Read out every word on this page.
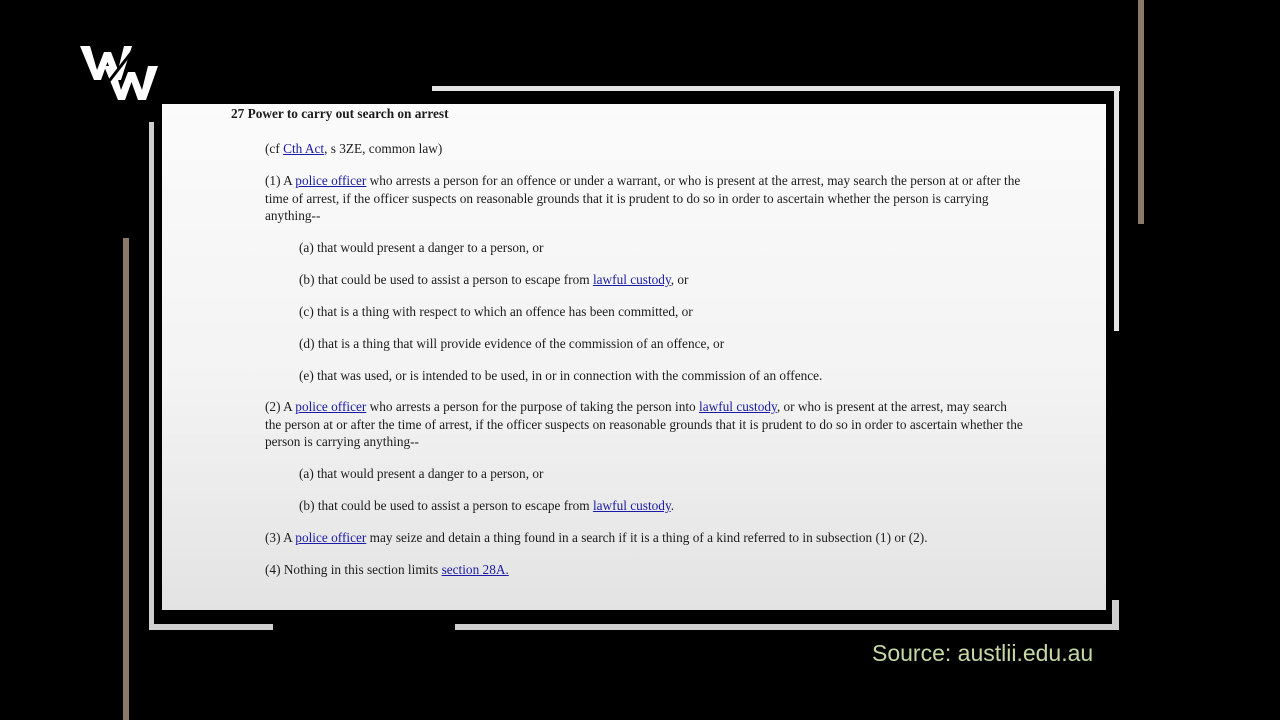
27 Power to carry out search on arrest
(cf Cth Act, s 3ZE, common law)
(1) A police officer who arrests a person for an offence or under a warrant, or who is present at the arrest, may search the person at or after the time of arrest, if the officer suspects on reasonable grounds that it is prudent to do so in order to ascertain whether the person is carrying anything--
(a) that would present a danger to a person, or
(b) that could be used to assist a person to escape from lawful custody, or
(c) that is a thing with respect to which an offence has been committed, or
(d) that is a thing that will provide evidence of the commission of an offence, or
(e) that was used, or is intended to be used, in or in connection with the commission of an offence.
(2) A police officer who arrests a person for the purpose of taking the person into lawful custody, or who is present at the arrest, may search the person at or after the time of arrest, if the officer suspects on reasonable grounds that it is prudent to do so in order to ascertain whether the person is carrying anything--
(a) that would present a danger to a person, or
(b) that could be used to assist a person to escape from lawful custody.
(3) A police officer may seize and detain a thing found in a search if it is a thing of a kind referred to in subsection (1) or (2).
(4) Nothing in this section limits section 28A.
Source: austlii.edu.au
